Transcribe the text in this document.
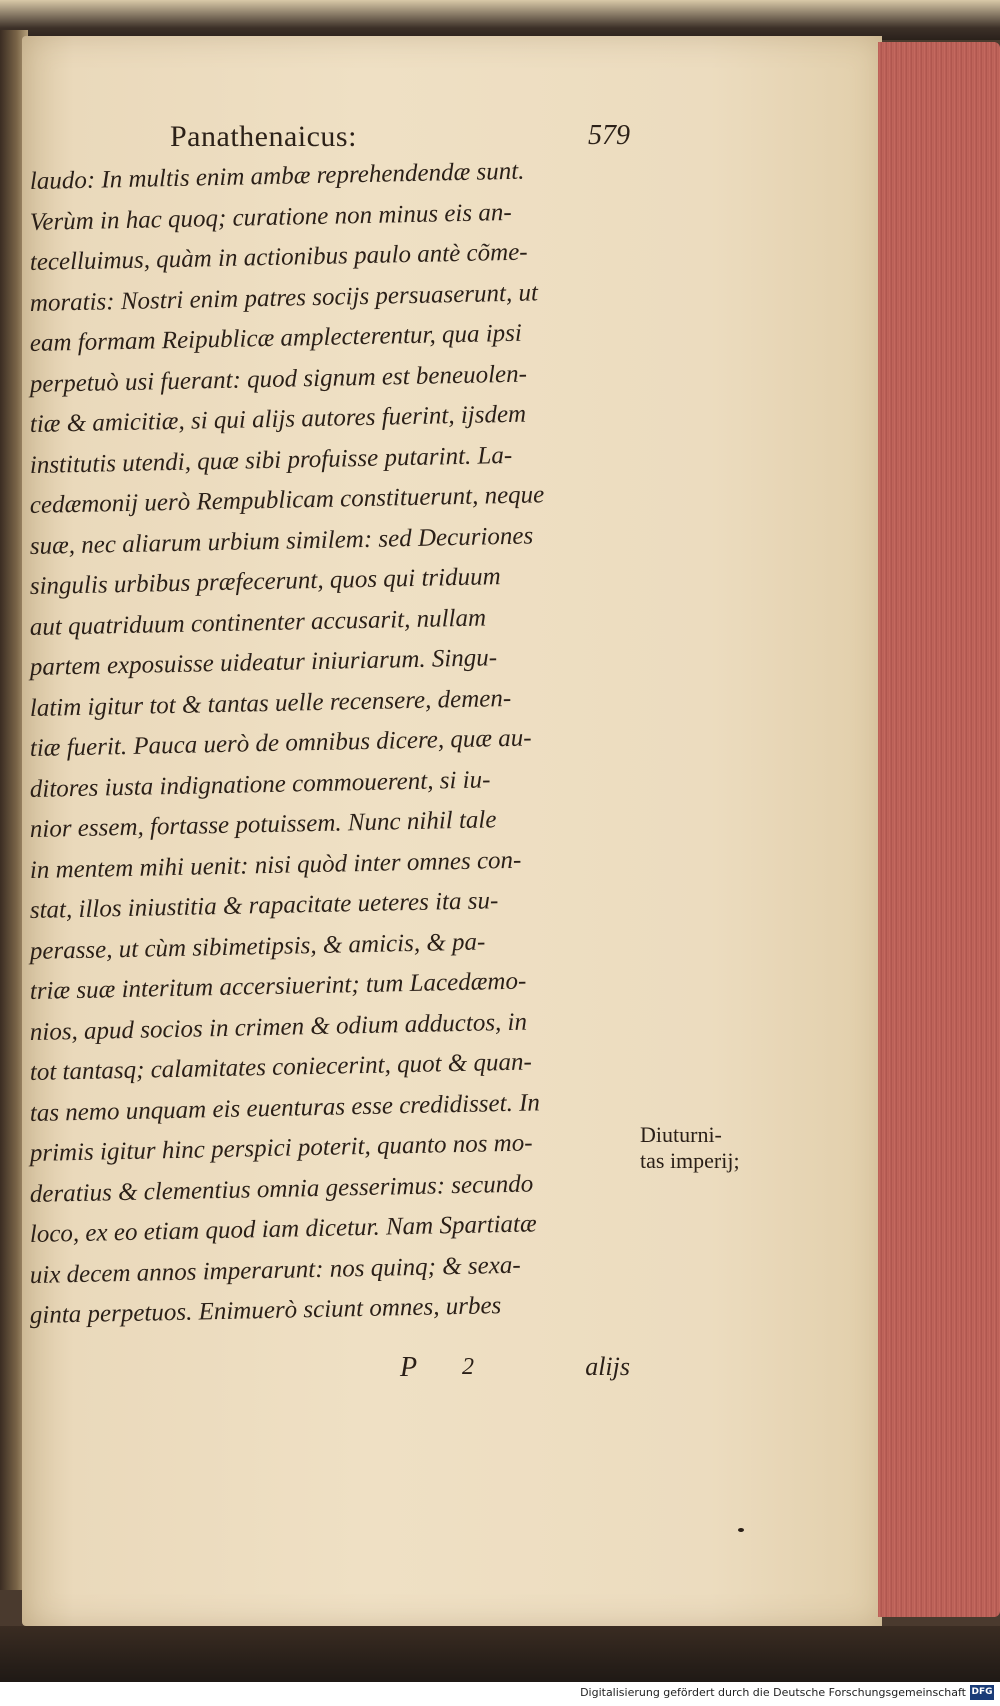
Panathenaicus:	579
laudo: In multis enim ambæ reprehendendæ sunt.
Verùm in hac quoq; curatione non minus eis an-
tecelluimus, quàm in actionibus paulo antè cõme-
moratis: Nostri enim patres socijs persuaserunt, ut
eam formam Reipublicæ amplecterentur, qua ipsi
perpetuò usi fuerant: quod signum est beneuolen-
tiæ & amicitiæ, si qui alijs autores fuerint, ijsdem
institutis utendi, quæ sibi profuisse putarint. La-
cedæmonij uerò Rempublicam constituerunt, neque
suæ, nec aliarum urbium similem: sed Decuriones
singulis urbibus præfecerunt, quos qui triduum
aut quatriduum continenter accusarit, nullam
partem exposuisse uideatur iniuriarum. Singu-
latim igitur tot & tantas uelle recensere, demen-
tiæ fuerit. Pauca uerò de omnibus dicere, quæ au-
ditores iusta indignatione commouerent, si iu-
nior essem, fortasse potuissem. Nunc nihil tale
in mentem mihi uenit: nisi quòd inter omnes con-
stat, illos iniustitia & rapacitate ueteres ita su-
perasse, ut cùm sibimetipsis, & amicis, & pa-
triæ suæ interitum accersiuerint; tum Lacedæmo-
nios, apud socios in crimen & odium adductos, in
tot tantasq; calamitates coniecerint, quot & quan-
tas nemo unquam eis euenturas esse credidisset. In
primis igitur hinc perspici poterit, quanto nos mo-
deratius & clementius omnia gesserimus: secundo
loco, ex eo etiam quod iam dicetur. Nam Spartiatæ
uix decem annos imperarunt: nos quinq; & sexa-
ginta perpetuos. Enimuerò sciunt omnes, urbes
Diuturni-
tas imperij;
P 2	alijs
Digitalisierung gefördert durch die Deutsche Forschungsgemeinschaft DFG
